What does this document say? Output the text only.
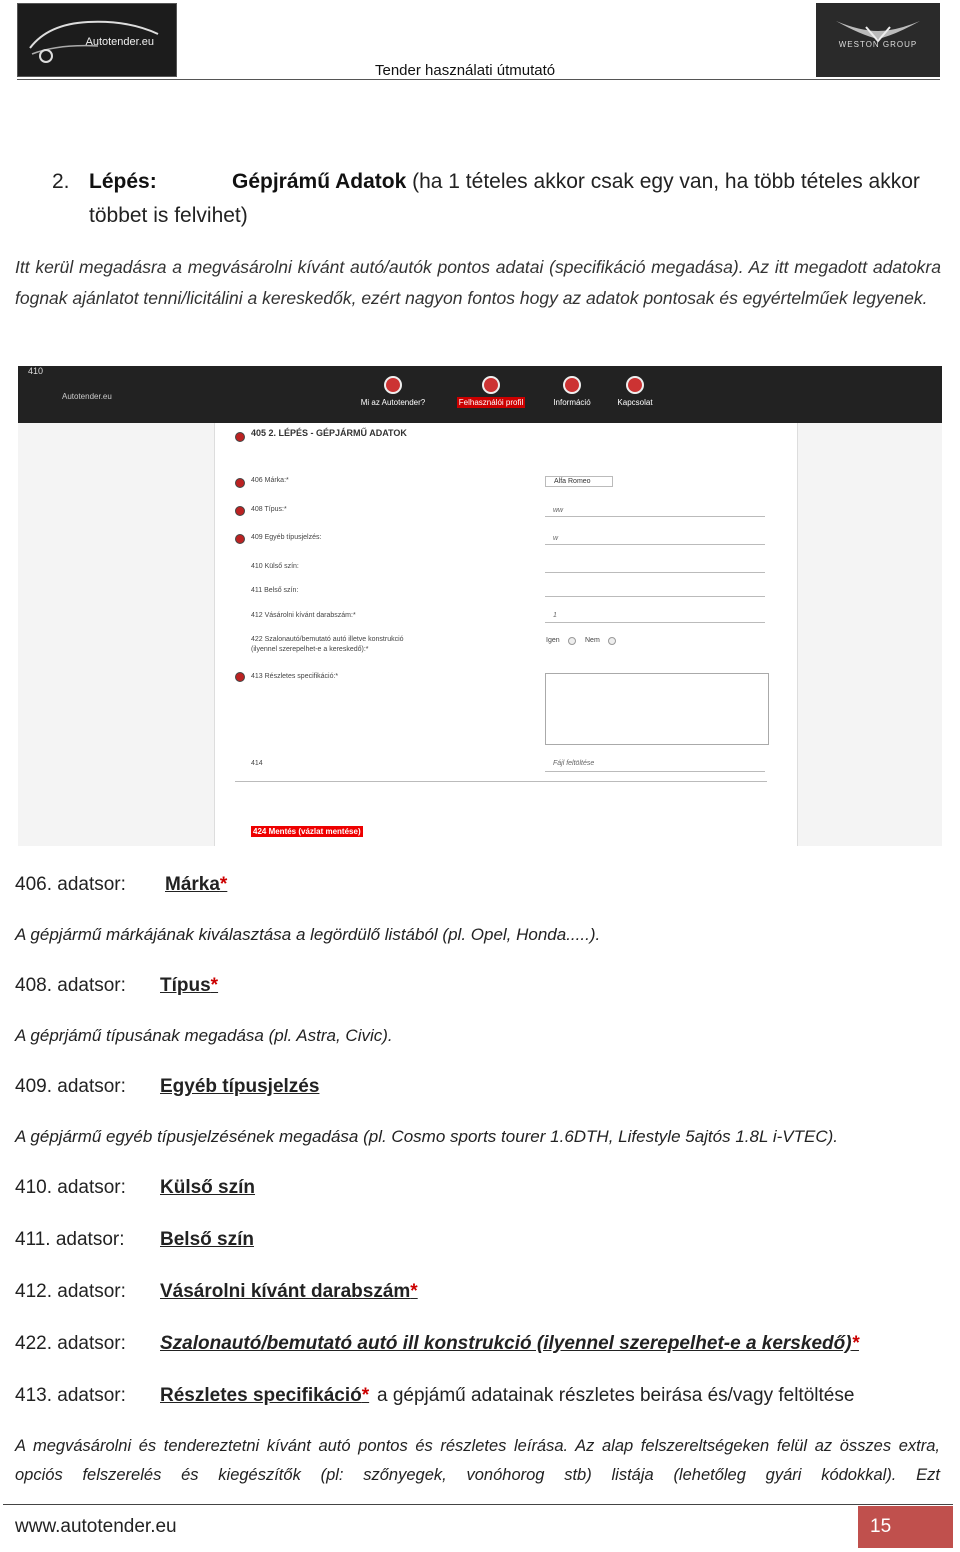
Autotender.eu	WESTON GROUP
Tender használati útmutató
2. Lépés:	Gépjrámű Adatok (ha 1 tételes akkor csak egy van, ha több tételes akkor többet is felvihet)
Itt kerül megadásra a megvásárolni kívánt autó/autók pontos adatai (specifikáció megadása). Az itt megadott adatokra fognak ajánlatot tenni/licitálini a kereskedők, ezért nagyon fontos hogy az adatok pontosak és egyértelműek legyenek.
410
Autotender.eu
Mi az Autotender?	Felhasználói profil	Információ	Kapcsolat
405 2. LÉPÉS - GÉPJÁRMŰ ADATOK
406 Márka:*	Alfa Romeo
408 Típus:*	ww
409 Egyéb típusjelzés:	w
410 Külső szín:
411 Belső szín:
412 Vásárolni kívánt darabszám:*	1
422 Szalonautó/bemutató autó illetve konstrukció
(ilyennel szerepelhet-e a kereskedő):*
Igen	Nem
413 Részletes specifikáció:*
414	Fájl feltöltése
424 Mentés (vázlat mentése)
406. adatsor: Márka*
A gépjármű márkájának kiválasztása a legördülő listából (pl. Opel, Honda.....).
408. adatsor: Típus*
A géprjámű típusának megadása (pl. Astra, Civic).
409. adatsor: Egyéb típusjelzés
A gépjármű egyéb típusjelzésének megadása (pl. Cosmo sports tourer 1.6DTH, Lifestyle 5ajtós 1.8L i-VTEC).
410. adatsor: Külső szín
411. adatsor: Belső szín
412. adatsor: Vásárolni kívánt darabszám*
422. adatsor: Szalonautó/bemutató autó ill konstrukció (ilyennel szerepelhet-e a kerskedő)*
413. adatsor: Részletes specifikáció* a gépjámű adatainak részletes beirása és/vagy feltöltése
A megvásárolni és tendereztetni kívánt autó pontos és részletes leírása. Az alap felszereltségeken felül az összes extra, opciós felszerelés és kiegészítők (pl: szőnyegek, vonóhorog stb) listája (lehetőleg gyári kódokkal). Ezt
www.autotender.eu	15
